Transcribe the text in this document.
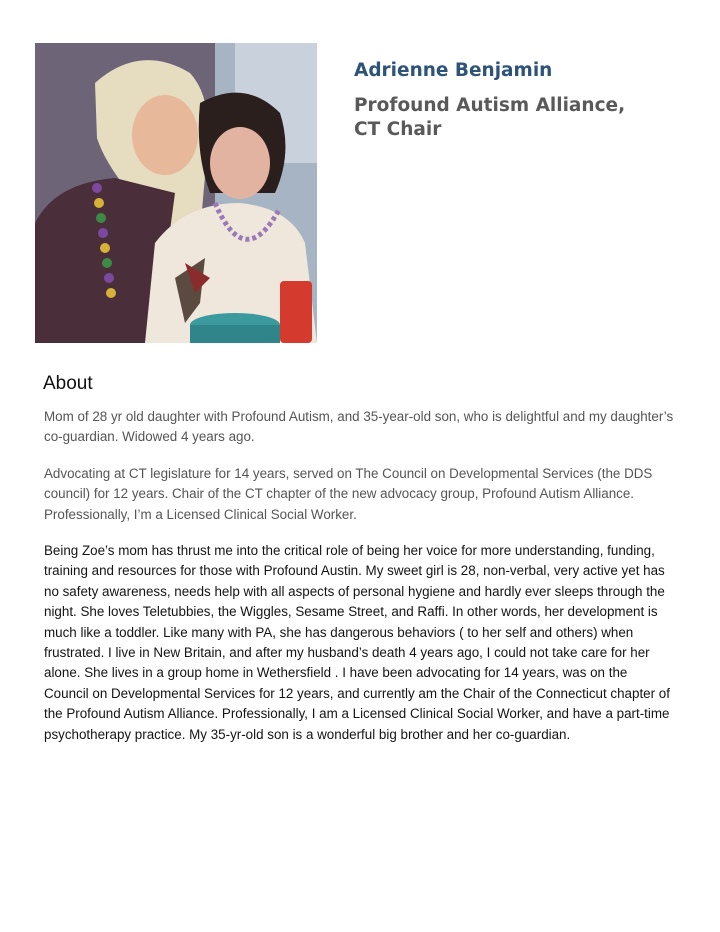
Adrienne Benjamin

Profound Autism Alliance,

CT Chair

About

Mom of 28 yr old daughter with Profound Autism, and 35-year-old son, who is delightful and my daughter’s co-guardian. Widowed 4 years ago.

Advocating at CT legislature for 14 years, served on The Council on Developmental Services (the DDS council) for 12 years. Chair of the CT chapter of the new advocacy group, Profound Autism Alliance. Professionally, I’m a Licensed Clinical Social Worker.

Being Zoe’s mom has thrust me into the critical role of being her voice for more understanding, funding, training and resources for those with Profound Austin. My sweet girl is 28, non-verbal, very active yet has no safety awareness, needs help with all aspects of personal hygiene and hardly ever sleeps through the night. She loves Teletubbies, the Wiggles, Sesame Street, and Raffi. In other words, her development is much like a toddler. Like many with PA, she has dangerous behaviors ( to her self and others) when frustrated. I live in New Britain, and after my husband’s death 4 years ago, I could not take care for her alone. She lives in a group home in Wethersfield . I have been advocating for 14 years, was on the Council on Developmental Services for 12 years, and currently am the Chair of the Connecticut chapter of the Profound Autism Alliance. Professionally, I am a Licensed Clinical Social Worker, and have a part-time psychotherapy practice. My 35-yr-old son is a wonderful big brother and her co-guardian.
